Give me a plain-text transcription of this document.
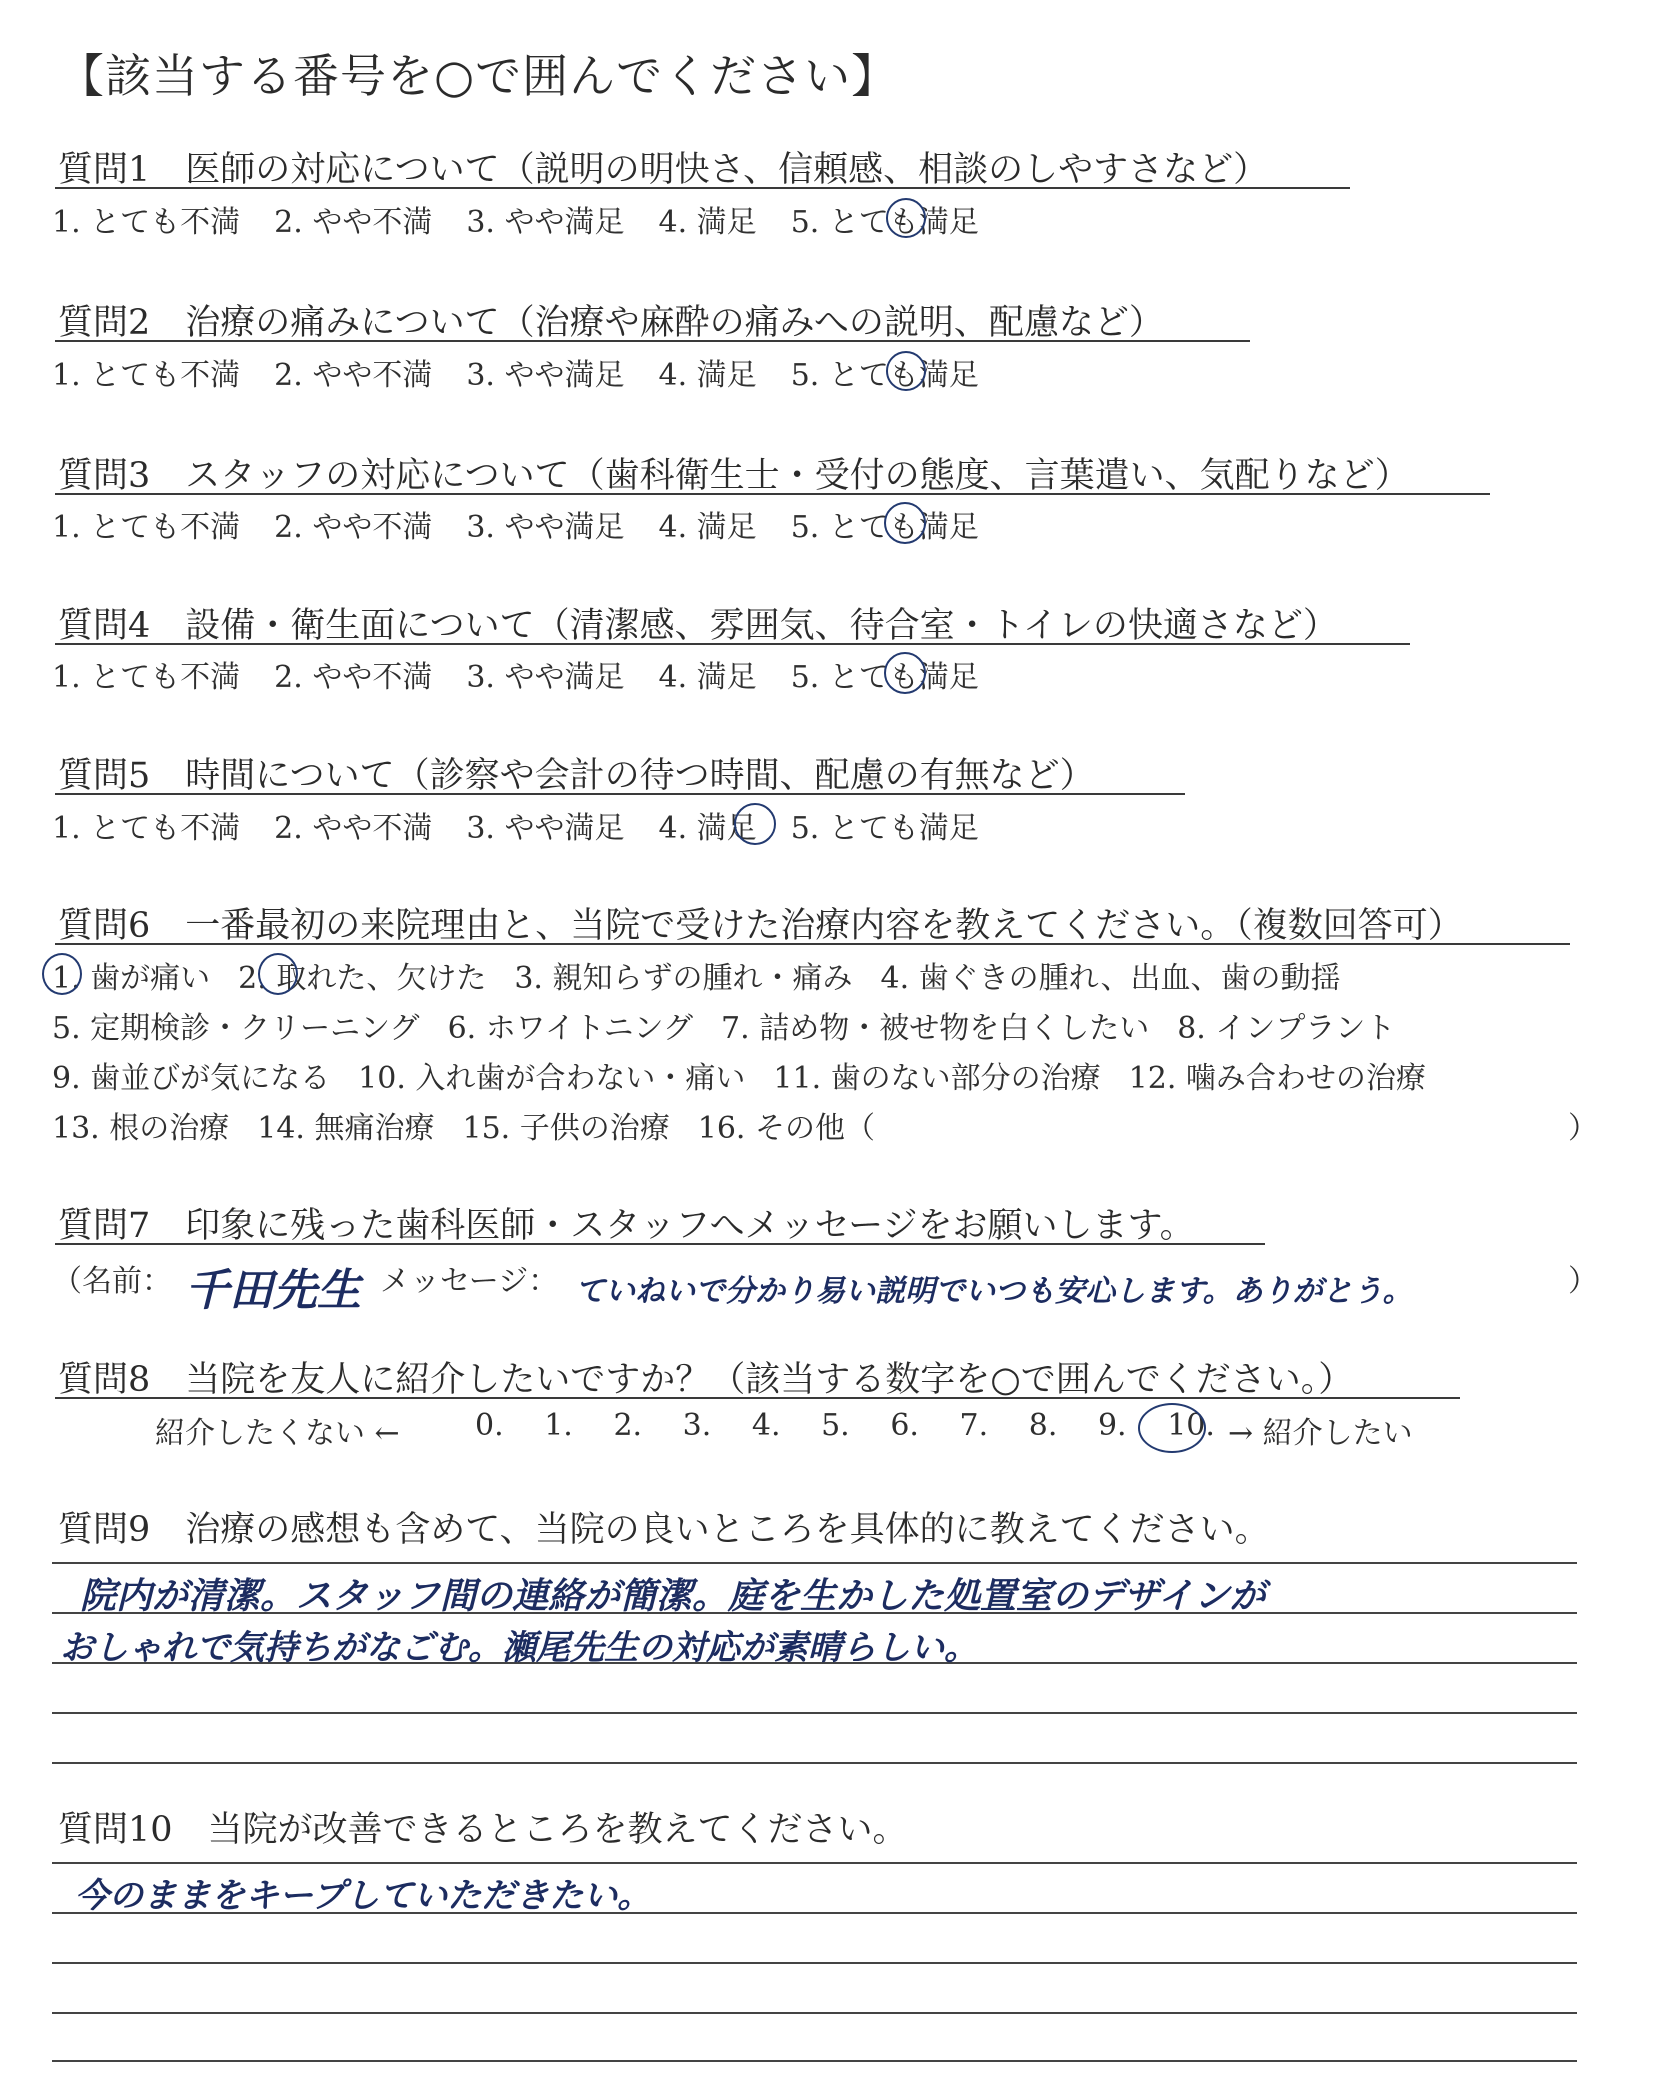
【該当する番号を○で囲んでください】
質問1　医師の対応について（説明の明快さ、信頼感、相談のしやすさなど）
1. とても不満 2. やや不満 3. やや満足 4. 満足 5. とても満足
質問2　治療の痛みについて（治療や麻酔の痛みへの説明、配慮など）
1. とても不満 2. やや不満 3. やや満足 4. 満足 5. とても満足
質問3　スタッフの対応について（歯科衛生士・受付の態度、言葉遣い、気配りなど）
1. とても不満 2. やや不満 3. やや満足 4. 満足 5. とても満足
質問4　設備・衛生面について（清潔感、雰囲気、待合室・トイレの快適さなど）
1. とても不満 2. やや不満 3. やや満足 4. 満足 5. とても満足
質問5　時間について（診察や会計の待つ時間、配慮の有無など）
1. とても不満 2. やや不満 3. やや満足 4. 満足 5. とても満足
質問6　一番最初の来院理由と、当院で受けた治療内容を教えてください。（複数回答可）
1. 歯が痛い 2. 取れた、欠けた 3. 親知らずの腫れ・痛み 4. 歯ぐきの腫れ、出血、歯の動揺
5. 定期検診・クリーニング 6. ホワイトニング 7. 詰め物・被せ物を白くしたい 8. インプラント
9. 歯並びが気になる 10. 入れ歯が合わない・痛い 11. 歯のない部分の治療 12. 噛み合わせの治療
13. 根の治療 14. 無痛治療 15. 子供の治療 16. その他（	）
質問7　印象に残った歯科医師・スタッフへメッセージをお願いします。
（名前： 千田先生 メッセージ： ていねいで分かり易い説明でいつも安心します。ありがとう。	）
質問8　当院を友人に紹介したいですか？（該当する数字を○で囲んでください。）
紹介したくない ←	0. 1. 2. 3. 4. 5. 6. 7. 8. 9. 10. → 紹介したい
質問9　治療の感想も含めて、当院の良いところを具体的に教えてください。
院内が清潔。スタッフ間の連絡が簡潔。庭を生かした処置室のデザインが
おしゃれで気持ちがなごむ。瀬尾先生の対応が素晴らしい。
質問10　当院が改善できるところを教えてください。
今のままをキープしていただきたい。
